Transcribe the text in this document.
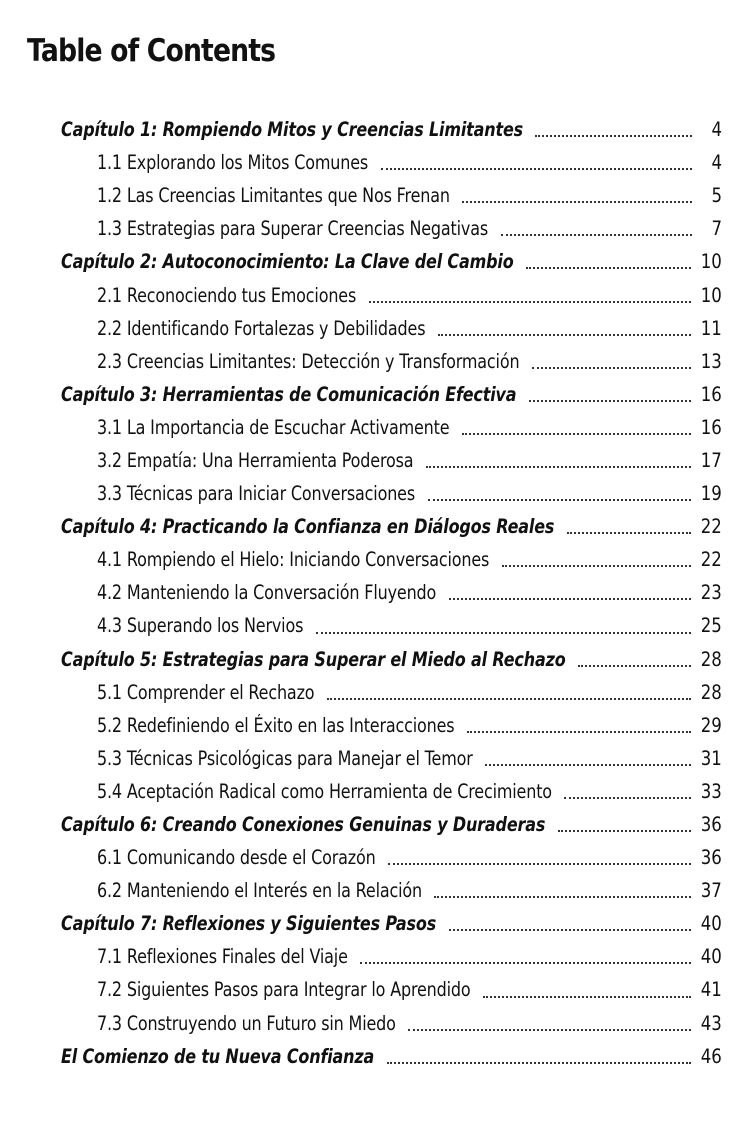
Table of Contents
Capítulo 1: Rompiendo Mitos y Creencias Limitantes	4
1.1 Explorando los Mitos Comunes	4
1.2 Las Creencias Limitantes que Nos Frenan	5
1.3 Estrategias para Superar Creencias Negativas	7
Capítulo 2: Autoconocimiento: La Clave del Cambio	10
2.1 Reconociendo tus Emociones	10
2.2 Identificando Fortalezas y Debilidades	11
2.3 Creencias Limitantes: Detección y Transformación	13
Capítulo 3: Herramientas de Comunicación Efectiva	16
3.1 La Importancia de Escuchar Activamente	16
3.2 Empatía: Una Herramienta Poderosa	17
3.3 Técnicas para Iniciar Conversaciones	19
Capítulo 4: Practicando la Confianza en Diálogos Reales	22
4.1 Rompiendo el Hielo: Iniciando Conversaciones	22
4.2 Manteniendo la Conversación Fluyendo	23
4.3 Superando los Nervios	25
Capítulo 5: Estrategias para Superar el Miedo al Rechazo	28
5.1 Comprender el Rechazo	28
5.2 Redefiniendo el Éxito en las Interacciones	29
5.3 Técnicas Psicológicas para Manejar el Temor	31
5.4 Aceptación Radical como Herramienta de Crecimiento	33
Capítulo 6: Creando Conexiones Genuinas y Duraderas	36
6.1 Comunicando desde el Corazón	36
6.2 Manteniendo el Interés en la Relación	37
Capítulo 7: Reflexiones y Siguientes Pasos	40
7.1 Reflexiones Finales del Viaje	40
7.2 Siguientes Pasos para Integrar lo Aprendido	41
7.3 Construyendo un Futuro sin Miedo	43
El Comienzo de tu Nueva Confianza	46
